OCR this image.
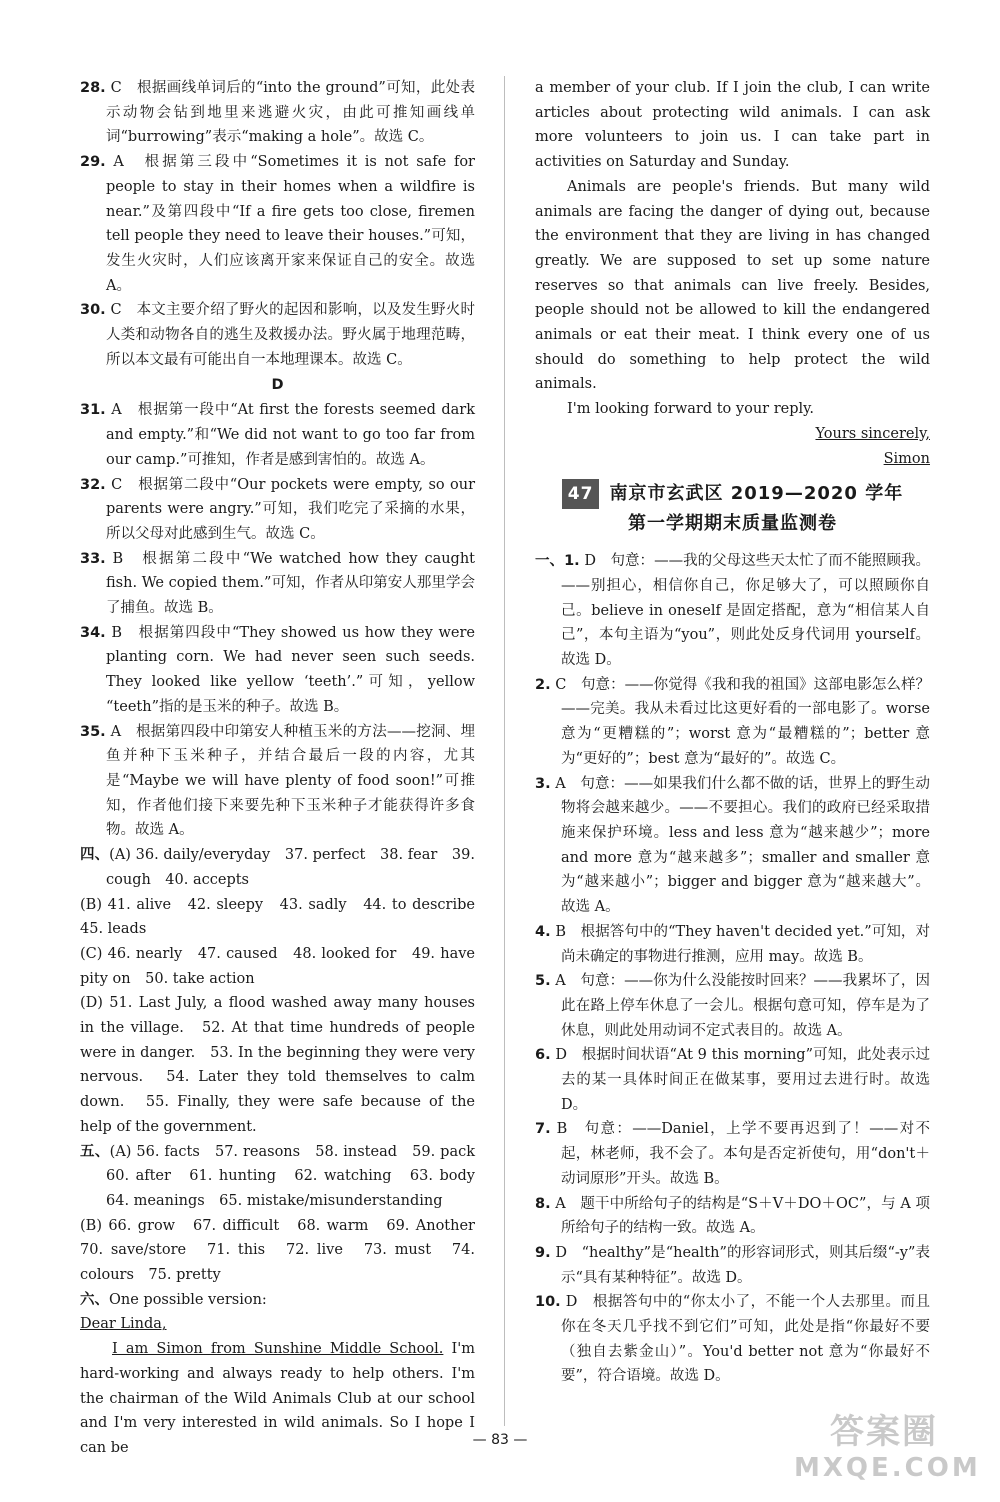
28. C　根据画线单词后的“into the ground”可知，此处表示动物会钻到地里来逃避火灾，由此可推知画线单词“burrowing”表示“making a hole”。故选 C。
29. A　根据第三段中“Sometimes it is not safe for people to stay in their homes when a wildfire is near.”及第四段中“If a fire gets too close, firemen tell people they need to leave their houses.”可知，发生火灾时，人们应该离开家来保证自己的安全。故选 A。
30. C　本文主要介绍了野火的起因和影响，以及发生野火时人类和动物各自的逃生及救援办法。野火属于地理范畴，所以本文最有可能出自一本地理课本。故选 C。
D
31. A　根据第一段中“At first the forests seemed dark and empty.”和“We did not want to go too far from our camp.”可推知，作者是感到害怕的。故选 A。
32. C　根据第二段中“Our pockets were empty, so our parents were angry.”可知，我们吃完了采摘的水果，所以父母对此感到生气。故选 C。
33. B　根据第二段中“We watched how they caught fish. We copied them.”可知，作者从印第安人那里学会了捕鱼。故选 B。
34. B　根据第四段中“They showed us how they were planting corn. We had never seen such seeds. They looked like yellow ‘teeth’.”可知，yellow “teeth”指的是玉米的种子。故选 B。
35. A　根据第四段中印第安人种植玉米的方法——挖洞、埋鱼并种下玉米种子，并结合最后一段的内容，尤其是“Maybe we will have plenty of food soon!”可推知，作者他们接下来要先种下玉米种子才能获得许多食物。故选 A。
四、(A) 36. daily/everyday　37. perfect　38. fear　39. cough　40. accepts
(B) 41. alive　42. sleepy　43. sadly　44. to describe　45. leads
(C) 46. nearly　47. caused　48. looked for　49. have pity on　50. take action
(D) 51. Last July, a flood washed away many houses in the village.　52. At that time hundreds of people were in danger.　53. In the beginning they were very nervous.　54. Later they told themselves to calm down.　55. Finally, they were safe because of the help of the government.
五、(A) 56. facts　57. reasons　58. instead　59. pack　60. after　61. hunting　62. watching　63. body　64. meanings　65. mistake/misunderstanding
(B) 66. grow　67. difficult　68. warm　69. Another　70. save/store　71. this　72. live　73. must　74. colours　75. pretty
六、One possible version:

Dear Linda,

I am Simon from Sunshine Middle School. I'm hard-working and always ready to help others. I'm the chairman of the Wild Animals Club at our school and I'm very interested in wild animals. So I hope I can be

a member of your club. If I join the club, I can write articles about protecting wild animals. I can ask more volunteers to join us. I can take part in activities on Saturday and Sunday.

Animals are people's friends. But many wild animals are facing the danger of dying out, because the environment that they are living in has changed greatly. We are supposed to set up some nature reserves so that animals can live freely. Besides, people should not be allowed to kill the endangered animals or eat their meat. I think every one of us should do something to help protect the wild animals.

I'm looking forward to your reply.

Yours sincerely,
Simon
47 南京市玄武区 2019—2020 学年
第一学期期末质量监测卷
一、1. D　句意：——我的父母这些天太忙了而不能照顾我。——别担心，相信你自己，你足够大了，可以照顾你自己。believe in oneself 是固定搭配，意为“相信某人自己”，本句主语为“you”，则此处反身代词用 yourself。故选 D。
2. C　句意：——你觉得《我和我的祖国》这部电影怎么样？——完美。我从未看过比这更好看的一部电影了。worse 意为“更糟糕的”；worst 意为“最糟糕的”；better 意为“更好的”；best 意为“最好的”。故选 C。
3. A　句意：——如果我们什么都不做的话，世界上的野生动物将会越来越少。——不要担心。我们的政府已经采取措施来保护环境。less and less 意为“越来越少”；more and more 意为“越来越多”；smaller and smaller 意为“越来越小”；bigger and bigger 意为“越来越大”。故选 A。
4. B　根据答句中的“They haven't decided yet.”可知，对尚未确定的事物进行推测，应用 may。故选 B。
5. A　句意：——你为什么没能按时回来？——我累坏了，因此在路上停车休息了一会儿。根据句意可知，停车是为了休息，则此处用动词不定式表目的。故选 A。
6. D　根据时间状语“At 9 this morning”可知，此处表示过去的某一具体时间正在做某事，要用过去进行时。故选 D。
7. B　句意：——Daniel，上学不要再迟到了！——对不起，林老师，我不会了。本句是否定祈使句，用“don't＋动词原形”开头。故选 B。
8. A　题干中所给句子的结构是“S＋V＋DO＋OC”，与 A 项所给句子的结构一致。故选 A。
9. D　“healthy”是“health”的形容词形式，则其后缀“-y”表示“具有某种特征”。故选 D。
10. D　根据答句中的“你太小了，不能一个人去那里。而且你在冬天几乎找不到它们”可知，此处是指“你最好不要（独自去紫金山）”。You'd better not 意为“你最好不要”，符合语境。故选 D。
— 83 —	答案圈
MXQE.COM
